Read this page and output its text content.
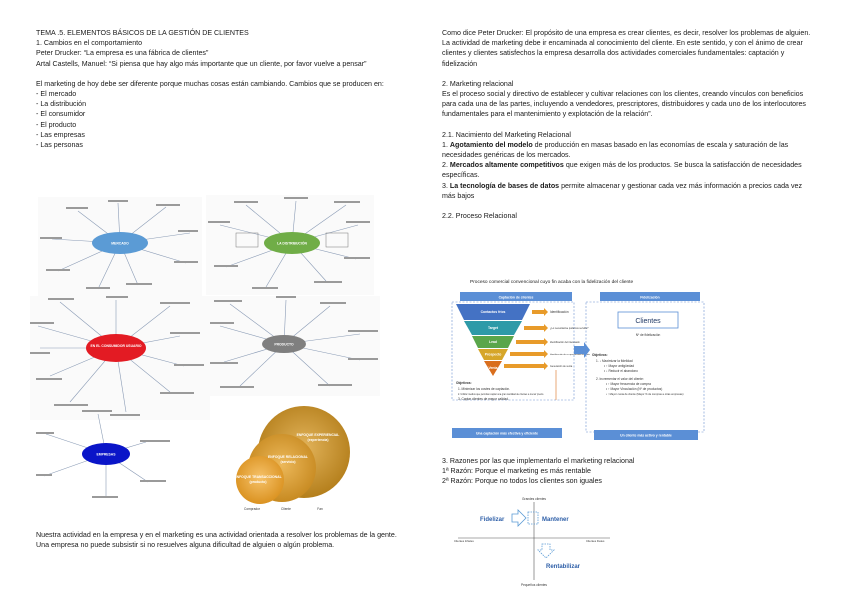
TEMA .5. ELEMENTOS BÁSICOS DE LA GESTIÓN DE CLIENTES

1. Cambios en el comportamiento

Peter Drucker: “La empresa es una fábrica de clientes”

Artal Castells, Manuel: “Si piensa que hay algo más importante que un cliente, por favor vuelve a pensar”

El marketing de hoy debe ser diferente porque muchas cosas están cambiando. Cambios que se producen en:

- El mercado

- La distribución

- El consumidor

- El producto

- Las empresas

- Las personas

MERCADO	LA DISTRIBUCIÓN
EN EL CONSUMIDOR USUARIO	PRODUCTO
EMPRESAS
ENFOQUE EXPERIENCIAL
(experiencia)
ENFOQUE RELACIONAL
(servicio)
ENFOQUE TRANSACCIONAL
(producto)
Comprador	Cliente	Fan
Nuestra actividad en la empresa y en el marketing es una actividad orientada a resolver los problemas de la gente. Una empresa no puede subsistir si no resuelves alguna dificultad de alguien o algún problema.

Como dice Peter Drucker: El propósito de una empresa es crear clientes, es decir, resolver los problemas de alguien.

La actividad de marketing debe ir encaminada al conocimiento del cliente. En este sentido, y con el ánimo de crear clientes y clientes satisfechos la empresa desarrolla dos actividades comerciales fundamentales: captación y fidelización

2. Marketing relacional

Es el proceso social y directivo de establecer y cultivar relaciones con los clientes, creando vínculos con beneficios para cada una de las partes, incluyendo a vendedores, prescriptores, distribuidores y cada uno de los interlocutores fundamentales para el mantenimiento y explotación de la relación”.

2.1. Nacimiento del Marketing Relacional

1. Agotamiento del modelo de producción en masas basado en las economías de escala y saturación de las necesidades genéricas de los mercados.

2. Mercados altamente competitivos que exigen más de los productos. Se busca la satisfacción de necesidades específicas.

3. La tecnología de bases de datos permite almacenar y gestionar cada vez más información a precios cada vez más bajos

2.2. Proceso Relacional

Proceso comercial convencional cuyo fin acaba con la fidelización del cliente
Captación de clientes	Fidelización
Contactos fríos
Target
Lead
Prospecto
Venta
Identificación
¿Lo necesitan/se podemos servirle?
Identificación del interesado
Identificación de su oportunidad de venta
Generación de venta
Clientes
Nº de fidelización
Objetivos:
1. ↓ Maximizar la fidelidad
• ↑ Mayor antigüedad
• ↓ Reducir el abandono
2. Incrementar el valor del cliente:
• ↑ Mayor frecuencia de compra
• ↑ Mayor Vinculación (Nº de productos)
• ↑ Mayor cuota de cliente (Mayor % de compras a otras empresas)
Objetivos:
1. Minimizar los costes de captación.
2. Utilizar medios que permitan captar una gran cantidad de clientes a menor precio.
3. Captar clientes de mayor calidad.
Una captación más efectiva y eficiente	Un cliente más activo y rentable

3. Razones por las que implementarlo el marketing relacional

1ª Razón: Porque el marketing es más rentable

2ª Razón: Porque no todos los clientes son iguales

Grandes clientes
Pequeños clientes
Clientes Infieles	Clientes Fieles
Fidelizar	Mantener
Rentabilizar
